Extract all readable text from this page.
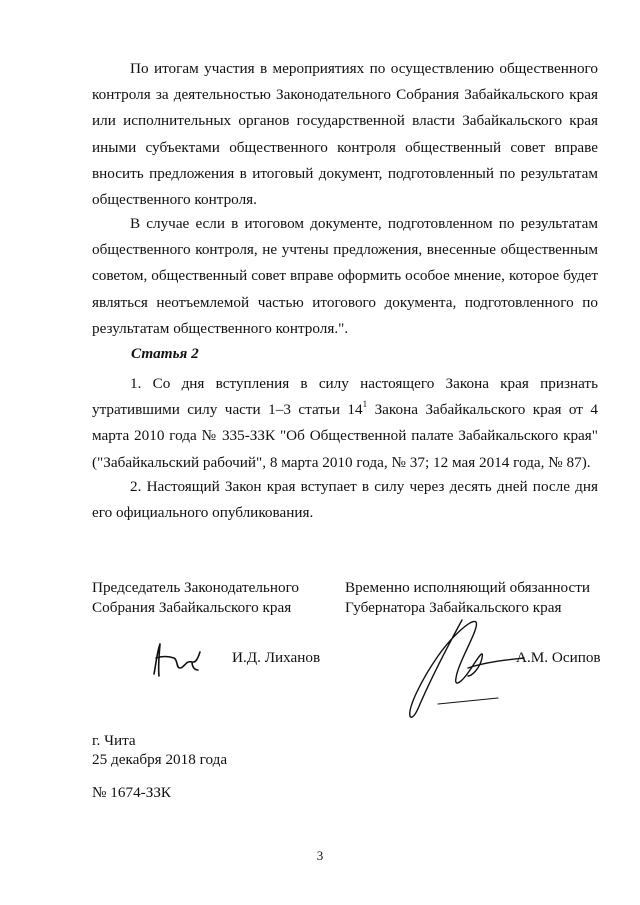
По итогам участия в мероприятиях по осуществлению общественного контроля за деятельностью Законодательного Собрания Забайкальского края или исполнительных органов государственной власти Забайкальского края иными субъектами общественного контроля общественный совет вправе вносить предложения в итоговый документ, подготовленный по результатам общественного контроля.

В случае если в итоговом документе, подготовленном по результатам общественного контроля, не учтены предложения, внесенные общественным советом, общественный совет вправе оформить особое мнение, которое будет являться неотъемлемой частью итогового документа, подготовленного по результатам общественного контроля.".

Статья 2

1. Со дня вступления в силу настоящего Закона края признать утратившими силу части 1–3 статьи $14^1$ Закона Забайкальского края от 4 марта 2010 года № 335-ЗЗК "Об Общественной палате Забайкальского края" ("Забайкальский рабочий", 8 марта 2010 года, № 37; 12 мая 2014 года, № 87).

2. Настоящий Закон края вступает в силу через десять дней после дня его официального опубликования.

Председатель Законодательного
Собрания Забайкальского края
Временно исполняющий обязанности
Губернатора Забайкальского края
И.Д. Лиханов	А.М. Осипов
г. Чита
25 декабря 2018 года
№ 1674-ЗЗК
3
